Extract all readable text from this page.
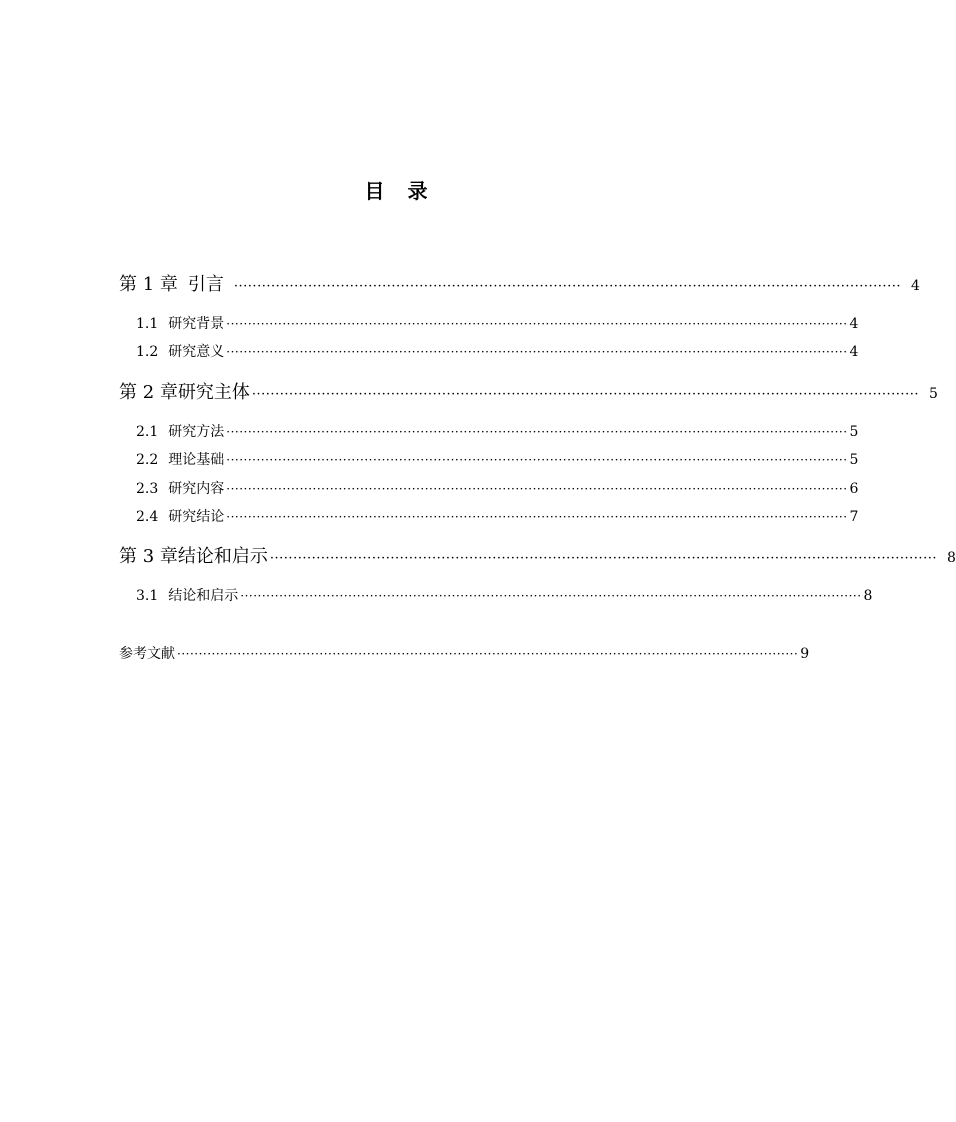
目 录
第 1 章 引言 ················································································································································ 4
1.1 研究背景 ················································································································································ 4
1.2 研究意义 ················································································································································ 4
第 2 章研究主体 ················································································································································ 5
2.1 研究方法 ················································································································································ 5
2.2 理论基础 ················································································································································ 5
2.3 研究内容 ················································································································································ 6
2.4 研究结论 ················································································································································ 7
第 3 章结论和启示 ················································································································································ 8
3.1 结论和启示 ················································································································································ 8
参考文献 ················································································································································ 9
